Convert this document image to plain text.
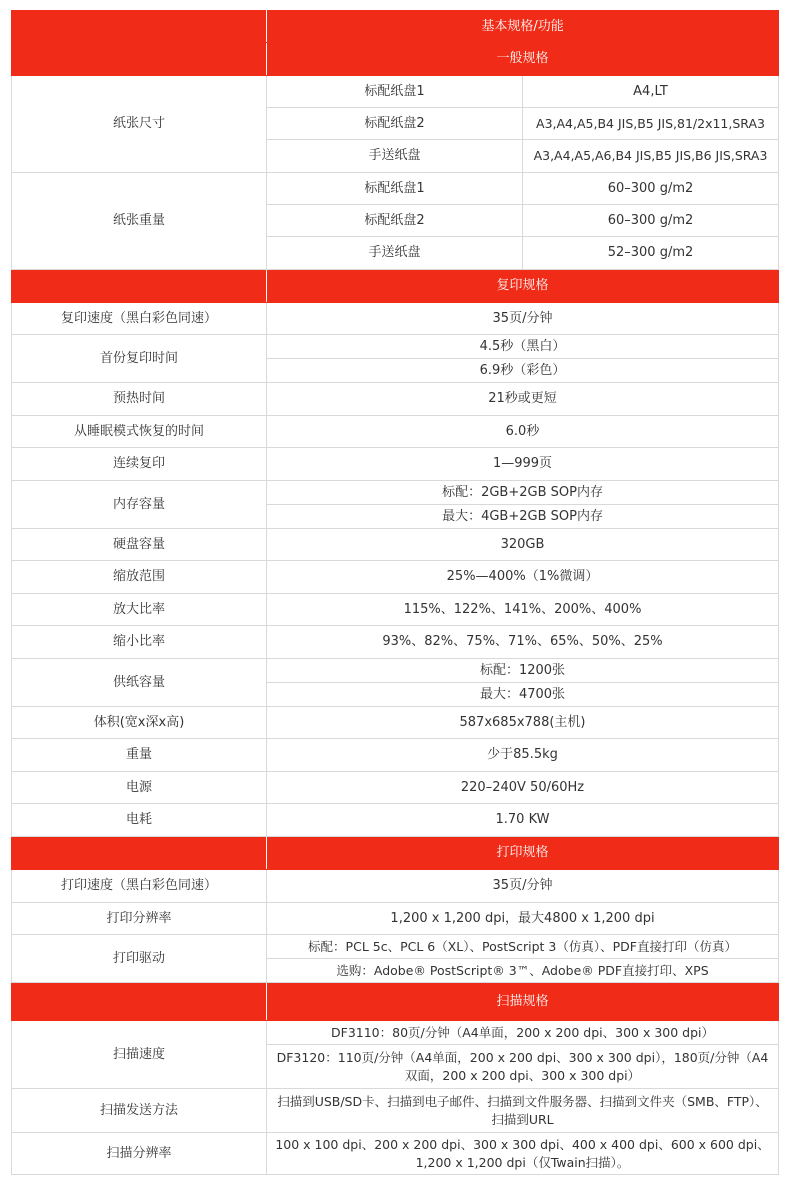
	基本规格/功能	
	一般规格	
纸张尺寸	标配纸盘1	A4,LT
	标配纸盘2	A3,A4,A5,B4 JIS,B5 JIS,81/2x11,SRA3
	手送纸盘	A3,A4,A5,A6,B4 JIS,B5 JIS,B6 JIS,SRA3
纸张重量	标配纸盘1	60–300 g/m2
	标配纸盘2	60–300 g/m2
	手送纸盘	52–300 g/m2
	复印规格	
复印速度（黑白彩色同速）	35页/分钟	
首份复印时间	4.5秒（黑白）	
	6.9秒（彩色）	
预热时间	21秒或更短	
从睡眠模式恢复的时间	6.0秒	
连续复印	1—999页	
内存容量	标配：2GB+2GB SOP内存	
	最大：4GB+2GB SOP内存	
硬盘容量	320GB	
缩放范围	25%—400%（1%微调）	
放大比率	115%、122%、141%、200%、400%	
缩小比率	93%、82%、75%、71%、65%、50%、25%	
供纸容量	标配：1200张	
	最大：4700张	
体积(宽x深x高)	587x685x788(主机)	
重量	少于85.5kg	
电源	220–240V 50/60Hz	
电耗	1.70 KW	
	打印规格	
打印速度（黑白彩色同速）	35页/分钟	
打印分辨率	1,200 x 1,200 dpi，最大4800 x 1,200 dpi	
打印驱动	标配：PCL 5c、PCL 6（XL）、PostScript 3（仿真）、PDF直接打印（仿真）	
	选购：Adobe® PostScript® 3™、Adobe® PDF直接打印、XPS	
	扫描规格	
扫描速度	DF3110：80页/分钟（A4单面，200 x 200 dpi、300 x 300 dpi）	
	DF3120：110页/分钟（A4单面，200 x 200 dpi、300 x 300 dpi），180页/分钟（A4双面，200 x 200 dpi、300 x 300 dpi）	
扫描发送方法	扫描到USB/SD卡、扫描到电子邮件、扫描到文件服务器、扫描到文件夹（SMB、FTP）、扫描到URL	
扫描分辨率	100 x 100 dpi、200 x 200 dpi、300 x 300 dpi、400 x 400 dpi、600 x 600 dpi、1,200 x 1,200 dpi（仅Twain扫描）。	
